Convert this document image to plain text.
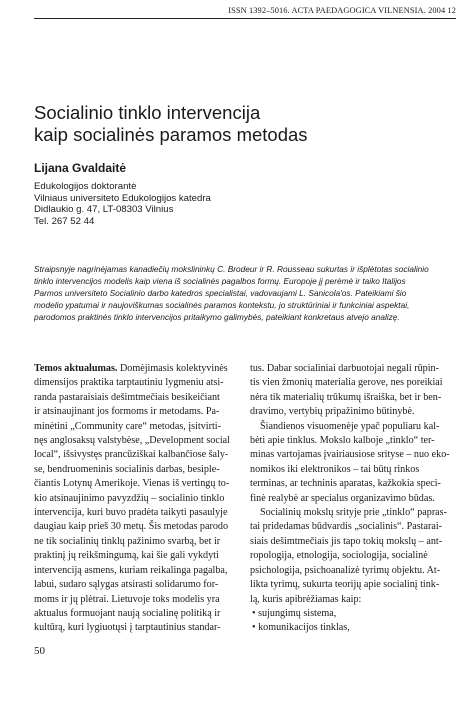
ISSN 1392–5016. ACTA PAEDAGOGICA VILNENSIA. 2004 12
Socialinio tinklo intervencija
kaip socialinės paramos metodas
Lijana Gvaldaitė
Edukologijos doktorantė
Vilniaus universiteto Edukologijos katedra
Didlaukio g. 47, LT-08303 Vilnius
Tel. 267 52 44
Straipsnyje nagrinėjamas kanadiečių mokslininkų C. Brodeur ir R. Rousseau sukurtas ir išplėtotas socialinio
tinklo intervencijos modelis kaip viena iš socialinės pagalbos formų. Europoje jį perėmė ir taiko Italijos
Parmos universiteto Socialinio darbo katedros specialistai, vadovaujami L. Sanicola'os. Pateikiami šio
modelio ypatumai ir naujoviškumas socialinės paramos kontekstu, jo struktūriniai ir funkciniai aspektai,
parodomos praktinės tinklo intervencijos pritaikymo galimybės, pateikiant konkretaus atvejo analizę.
Temos aktualumas. Domėjimasis kolektyvinės
dimensijos praktika tarptautiniu lygmeniu atsi-
randa pastaraisiais dešimtmečiais besikeičiant
ir atsinaujinant jos formoms ir metodams. Pa-
minėtini „Community care“ metodas, įsitvirti-
nęs anglosaksų valstybėse, „Development social
local“, išsivystęs prancūziškai kalbančiose šaly-
se, bendruomeninis socialinis darbas, besiple-
čiantis Lotynų Amerikoje. Vienas iš vertingų to-
kio atsinaujinimo pavyzdžių – socialinio tinklo
intervencija, kuri buvo pradėta taikyti pasaulyje
daugiau kaip prieš 30 metų. Šis metodas parodo
ne tik socialinių tinklų pažinimo svarbą, bet ir
praktinį jų reikšmingumą, kai šie gali vykdyti
intervenciją asmens, kuriam reikalinga pagalba,
labui, sudaro sąlygas atsirasti solidarumo for-
moms ir jų plėtrai. Lietuvoje toks modelis yra
aktualus formuojant naują socialinę politiką ir
kultūrą, kuri lygiuotųsi į tarptautinius standar-
tus. Dabar socialiniai darbuotojai negali rūpin-
tis vien žmonių materialia gerove, nes poreikiai
nėra tik materialių trūkumų išraiška, bet ir ben-
dravimo, vertybių pripažinimo būtinybė.
Šiandienos visuomenėje ypač populiaru kal-
bėti apie tinklus. Mokslo kalboje „tinklo“ ter-
minas vartojamas įvairiausiose srityse – nuo eko-
nomikos iki elektronikos – tai būtų rinkos
terminas, ar techninis aparatas, kažkokia speci-
finė realybė ar specialus organizavimo būdas.
Socialinių mokslų srityje prie „tinklo“ papras-
tai pridedamas būdvardis „socialinis“. Pastarai-
siais dešimtmečiais jis tapo tokių mokslų – ant-
ropologija, etnologija, sociologija, socialinė
psichologija, psichoanalizė tyrimų objektu. At-
likta tyrimų, sukurta teorijų apie socialinį tink-
lą, kuris apibrėžiamas kaip:
• sujungimų sistema,
• komunikacijos tinklas,
50
